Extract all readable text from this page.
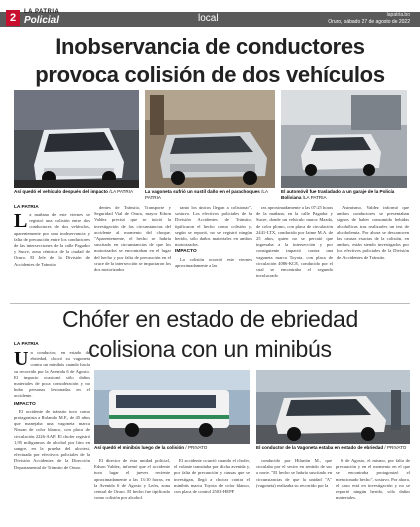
2	LA PATRIA
Policial	local	lapatria.bo
Oruro, sábado 27 de agosto de 2022
Inobservancia de conductores
provoca colisión de dos vehículos
Así quedó el vehículo después del impacto /LA PATRIA	La vagoneta sufrió un sustil daño en el parachoques /LA PATRIA
El automóvil fue trasladado a un garaje de la Policía Boliviana /LA PATRIA
LA PATRIA
L a mañana de este viernes se registró una colisión entre dos conductores de dos vehículos, aparentemente por una inobservancia y falta de precaución entre los conductores de las intersecciones de la calle Pagador y Sucre, zona céntrica de la ciudad de Oruro. El Jefe de la División de Accidentes de Tránsito

dentes de Tránsito, Transporte y Seguridad Vial de Oruro, mayor Edson Valdez precisó que se inició la investigación de las circunstancias del accidente al momento del choque. "Aparentemente, el hecho se habría suscitado en circunstancias de que los motorizados se encontraban en el lugar del hecho y por falta de precaución en el cruce de la intersección se impactaron los dos motorizados

tanto los únicos llegan a colisionar", sostuvo. Los efectivos policiales de la División Accidentes de Tránsito, tipificaron el hecho como colisión y, según se reportó, no se registró ningún herido, sólo daños materiales en ambos motorizados.

IMPACTO

La colisión ocurrió este viernes aproximadamente a las

ras aproximadamente a las 07:25 horas de la mañana, en la calle Pagador y Sucre, donde un vehículo marca Mazda, de color plomo, con placa de circulación 2441-LTX, conducido por Jaime M.A. de 25 años, quien no se percató que ingresaba a la intersección y por consiguiente impactó contra una vagoneta marca Toyota, con placa de circulación 4086-KCE, conducido por el cual se encontraba el segundo involucrado

Asimismo, Valdez informó que ambos conductores se presentaban signos de haber consumido bebidas alcohólicas tras realizarles un test de alcoholemia. Por ahora se desconocen las causas exactas de la colisión, en ambos, están siendo investigados por los efectivos policiales de la División de Accidentes de Tránsito.

Chófer en estado de ebriedad
colisiona con un minibús
LA PATRIA
U n conductor, en estado de ebriedad, chocó su vagoneta contra un minibús cuando hacía su recorrido por la Avenida 6 de Agosto. El impacto ocasionó sólo daños materiales de poca consideración y no hubo personas lesionadas en el accidente.
IMPACTO

El accidente de tránsito tuvo como protagonista a Rolando M.F., de 45 años que manejaba una vagoneta marca Nissan de color blanco, con placa de circulación 2226-AAP. El chofer registró 1,95 miligramos de alcohol por litro en sangre, en la prueba del alcotest, efectuada por efectivos policiales de la División Accidentes de la Dirección Departamental de Tránsito de Oruro.

Así quedó el minibús luego de la colisión / PRIVATO	El conductor de la Vagoneta estaba en estado de ebriedad / PRIVATO

El director de esta unidad policial, Edson Valdez, informó que el accidente tuvo lugar el jueves reciente aproximadamente a las 13:10 horas, en la Avenida 6 de Agosto y León, zona central de Oruro. El hecho fue tipificado como colisión por alcohol.

El accidente ocurrió cuando el chofer, el volante transitaba por dicha avenida y, por falta de precaución y causas que se investigan, llegó a chocar contra el minibús marca Toyota de color blanco, con placa de control 2503-HEPF

conducido por Hilarión M., que circulaba por el sector en sentido de sur a norte. "El hecho se habría suscitado en circunstancias de que la unidad "A" (vagoneta) realizaba su recorrido por la

6 de Agosto, el mismo, por falta de precaución y en el momento en el que se encontraba protagonizó el mencionado hecho", sostuvo. Por ahora, el caso está en investigación y no se reportó ningún herido, sólo daños materiales.
